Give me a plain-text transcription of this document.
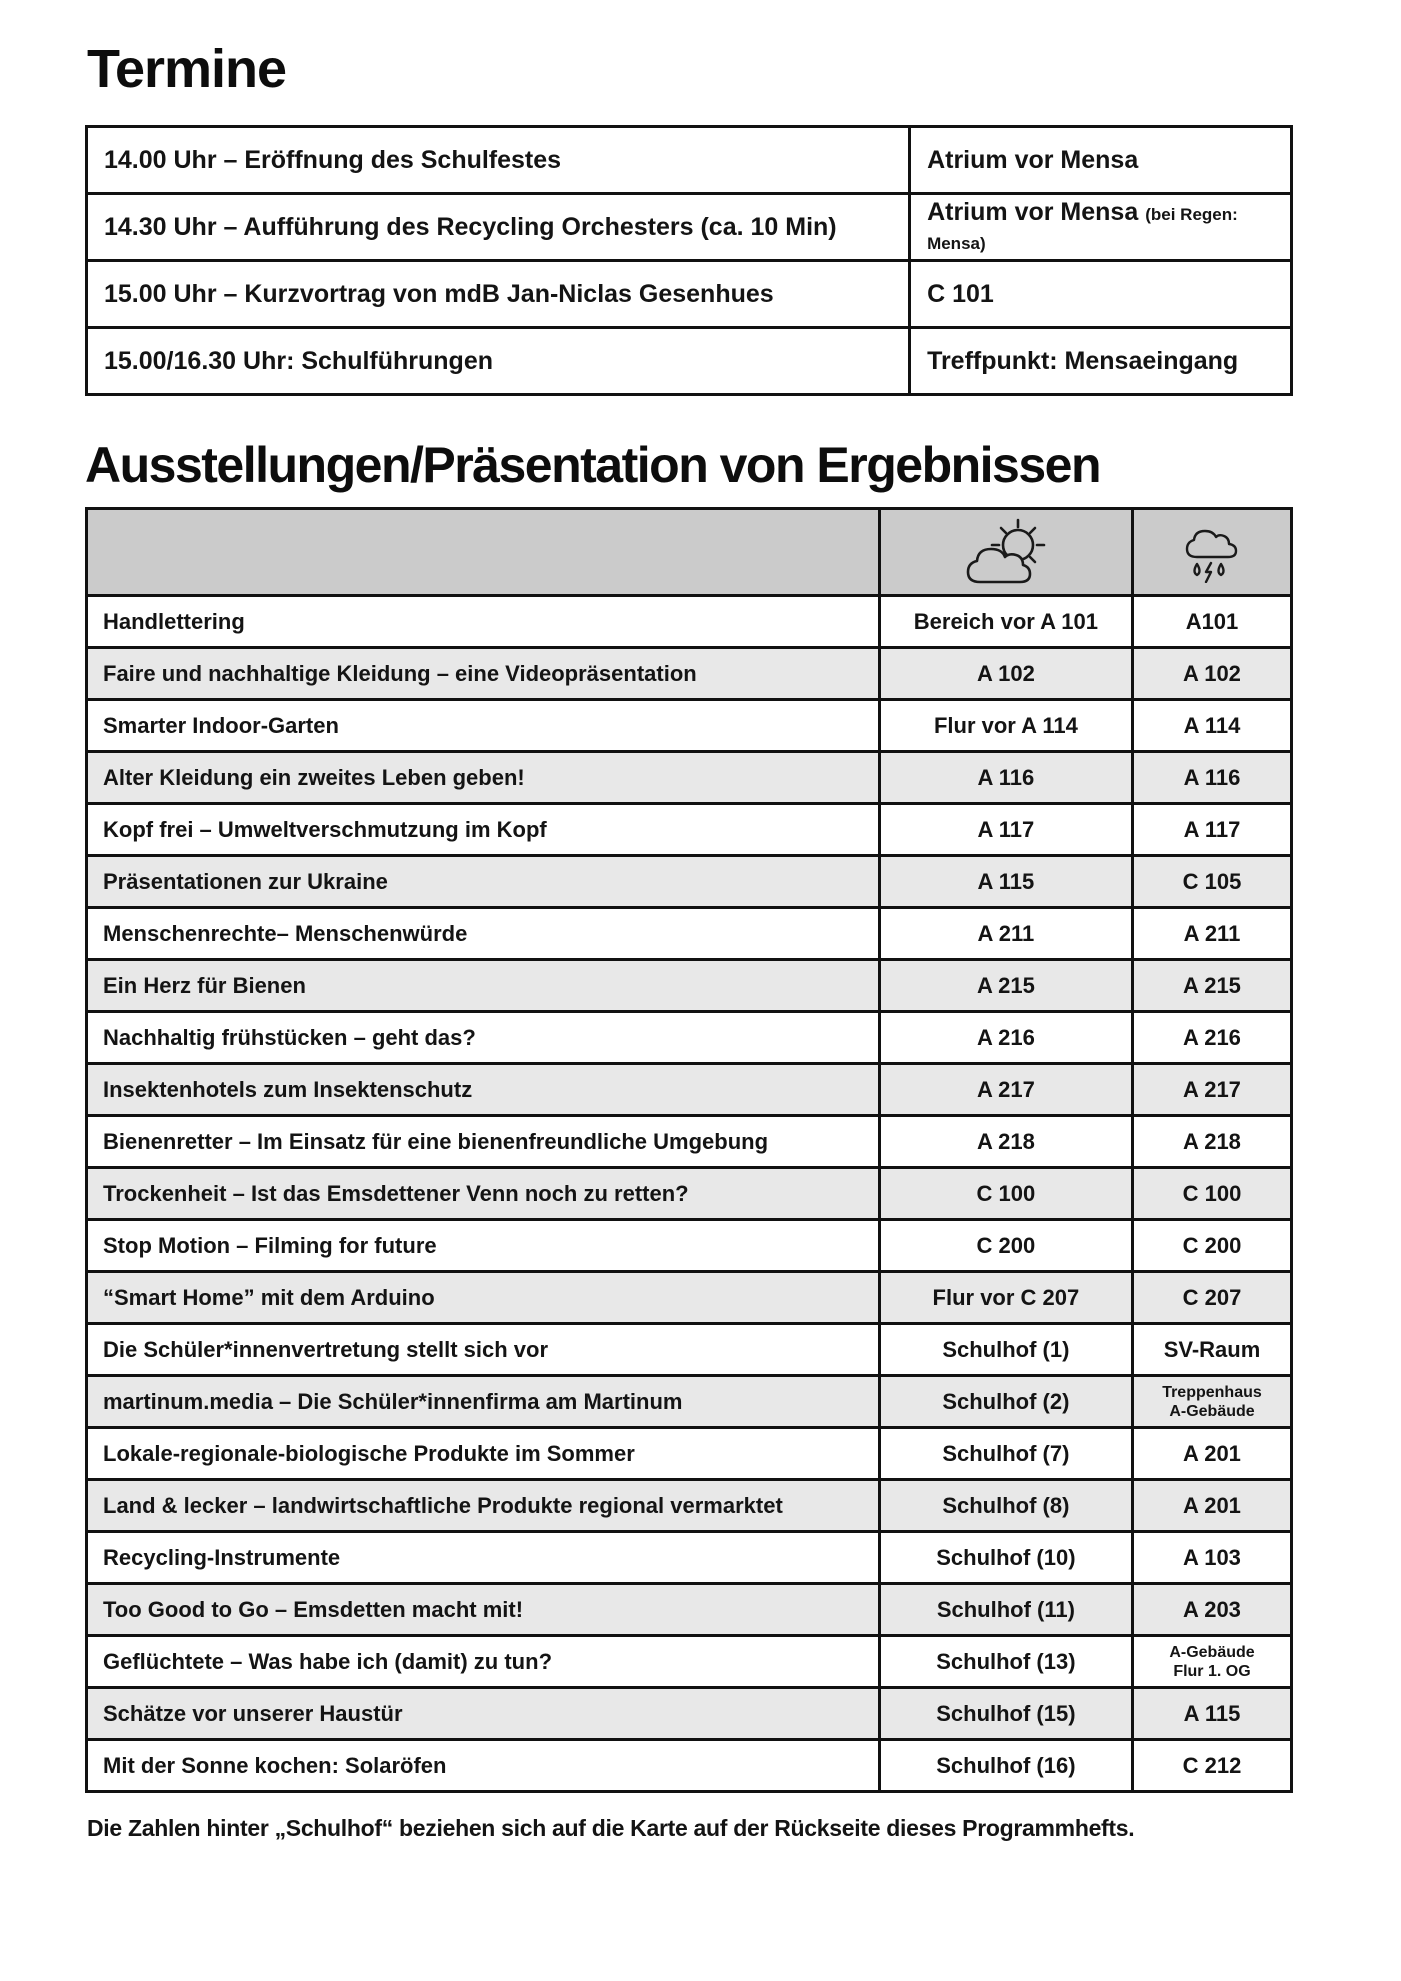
Termine
14.00 Uhr – Eröffnung des Schulfestes	Atrium vor Mensa
14.30 Uhr – Aufführung des Recycling Orchesters (ca. 10 Min)	Atrium vor Mensa (bei Regen: Mensa)
15.00 Uhr – Kurzvortrag von mdB Jan-Niclas Gesenhues	C 101
15.00/16.30 Uhr: Schulführungen	Treffpunkt: Mensaeingang
Ausstellungen/Präsentation von Ergebnissen

Handlettering	Bereich vor A 101	A101
Faire und nachhaltige Kleidung – eine Videopräsentation	A 102	A 102
Smarter Indoor-Garten	Flur vor A 114	A 114
Alter Kleidung ein zweites Leben geben!	A 116	A 116
Kopf frei – Umweltverschmutzung im Kopf	A 117	A 117
Präsentationen zur Ukraine	A 115	C 105
Menschenrechte– Menschenwürde	A 211	A 211
Ein Herz für Bienen	A 215	A 215
Nachhaltig frühstücken – geht das?	A 216	A 216
Insektenhotels zum Insektenschutz	A 217	A 217
Bienenretter – Im Einsatz für eine bienenfreundliche Umgebung	A 218	A 218
Trockenheit – Ist das Emsdettener Venn noch zu retten?	C 100	C 100
Stop Motion – Filming for future	C 200	C 200
“Smart Home” mit dem Arduino	Flur vor C 207	C 207
Die Schüler*innenvertretung stellt sich vor	Schulhof (1)	SV-Raum
martinum.media – Die Schüler*innenfirma am Martinum	Schulhof (2)	Treppenhaus
A-Gebäude

Lokale-regionale-biologische Produkte im Sommer	Schulhof (7)	A 201
Land & lecker – landwirtschaftliche Produkte regional vermarktet	Schulhof (8)	A 201
Recycling-Instrumente	Schulhof (10)	A 103
Too Good to Go – Emsdetten macht mit!	Schulhof (11)	A 203
Geflüchtete – Was habe ich (damit) zu tun?	Schulhof (13)	A-Gebäude
Flur 1. OG

Schätze vor unserer Haustür	Schulhof (15)	A 115
Mit der Sonne kochen: Solaröfen	Schulhof (16)	C 212

Die Zahlen hinter „Schulhof“ beziehen sich auf die Karte auf der Rückseite dieses Programmhefts.
